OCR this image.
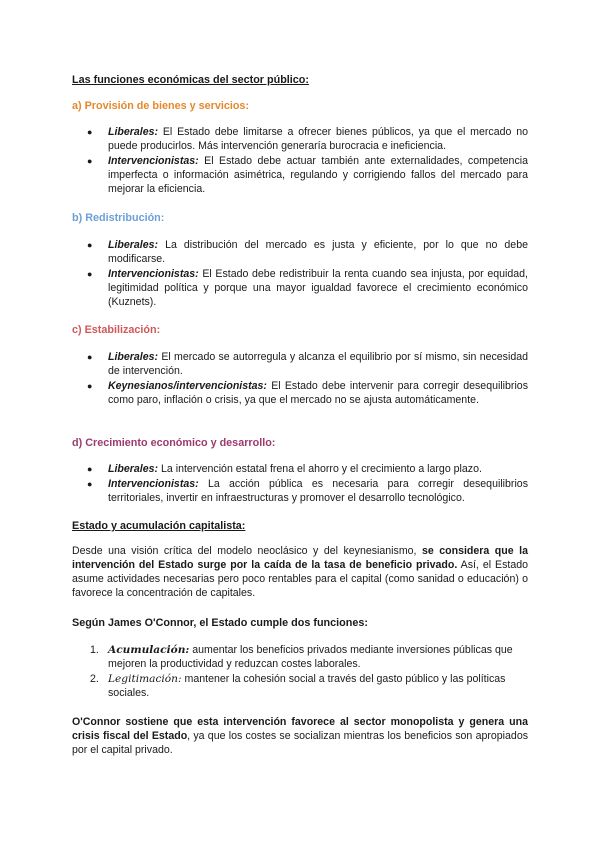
Las funciones económicas del sector público:
a) Provisión de bienes y servicios:
● Liberales: El Estado debe limitarse a ofrecer bienes públicos, ya que el mercado no puede producirlos. Más intervención generaría burocracia e ineficiencia.
● Intervencionistas: El Estado debe actuar también ante externalidades, competencia imperfecta o información asimétrica, regulando y corrigiendo fallos del mercado para mejorar la eficiencia.
b) Redistribución:
● Liberales: La distribución del mercado es justa y eficiente, por lo que no debe modificarse.
● Intervencionistas: El Estado debe redistribuir la renta cuando sea injusta, por equidad, legitimidad política y porque una mayor igualdad favorece el crecimiento económico (Kuznets).
c) Estabilización:
● Liberales: El mercado se autorregula y alcanza el equilibrio por sí mismo, sin necesidad de intervención.
● Keynesianos/intervencionistas: El Estado debe intervenir para corregir desequilibrios como paro, inflación o crisis, ya que el mercado no se ajusta automáticamente.
d) Crecimiento económico y desarrollo:
● Liberales: La intervención estatal frena el ahorro y el crecimiento a largo plazo.
● Intervencionistas: La acción pública es necesaria para corregir desequilibrios territoriales, invertir en infraestructuras y promover el desarrollo tecnológico.
Estado y acumulación capitalista:

Desde una visión crítica del modelo neoclásico y del keynesianismo, se considera que la intervención del Estado surge por la caída de la tasa de beneficio privado. Así, el Estado asume actividades necesarias pero poco rentables para el capital (como sanidad o educación) o favorece la concentración de capitales.

Según James O'Connor, el Estado cumple dos funciones:
1. Acumulación: aumentar los beneficios privados mediante inversiones públicas que mejoren la productividad y reduzcan costes laborales.
2. Legitimación: mantener la cohesión social a través del gasto público y las políticas sociales.

O'Connor sostiene que esta intervención favorece al sector monopolista y genera una crisis fiscal del Estado, ya que los costes se socializan mientras los beneficios son apropiados por el capital privado.
